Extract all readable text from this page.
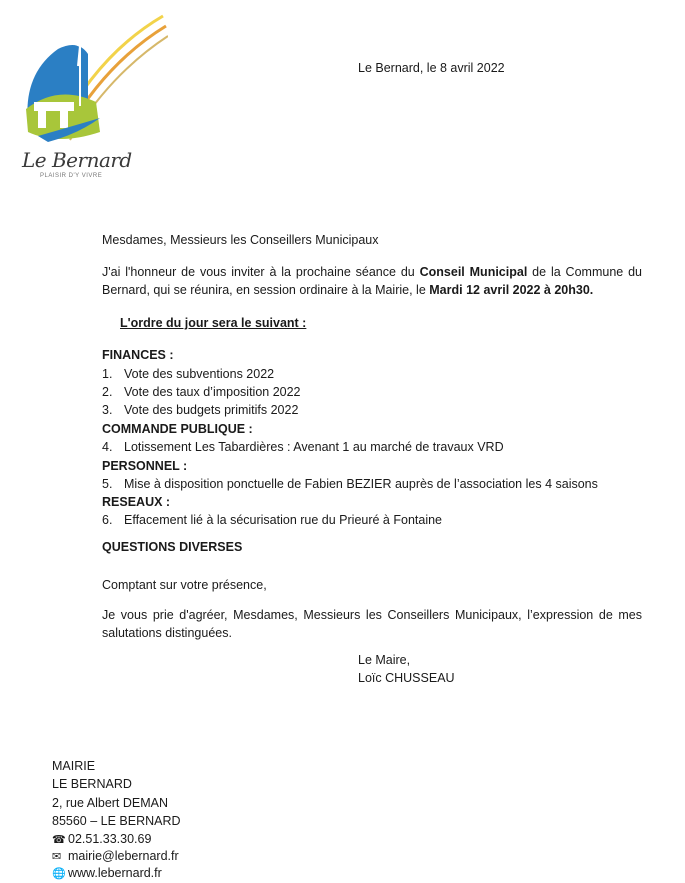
Le Bernard
PLAISIR D'Y VIVRE
Le Bernard, le 8 avril 2022
Mesdames, Messieurs les Conseillers Municipaux
J'ai l'honneur de vous inviter à la prochaine séance du Conseil Municipal de la Commune du Bernard, qui se réunira, en session ordinaire à la Mairie, le Mardi 12 avril 2022 à 20h30.
L'ordre du jour sera le suivant :
FINANCES :
1. Vote des subventions 2022
2. Vote des taux d’imposition 2022
3. Vote des budgets primitifs 2022
COMMANDE PUBLIQUE :
4. Lotissement Les Tabardières : Avenant 1 au marché de travaux VRD
PERSONNEL :
5. Mise à disposition ponctuelle de Fabien BEZIER auprès de l’association les 4 saisons
RESEAUX :
6. Effacement lié à la sécurisation rue du Prieuré à Fontaine
QUESTIONS DIVERSES
Comptant sur votre présence,
Je vous prie d'agréer, Mesdames, Messieurs les Conseillers Municipaux, l’expression de mes salutations distinguées.
Le Maire,
Loïc CHUSSEAU
MAIRIE
LE BERNARD
2, rue Albert DEMAN
85560 – LE BERNARD
☎ 02.51.33.30.69
✉ mairie@lebernard.fr
🌐 www.lebernard.fr
